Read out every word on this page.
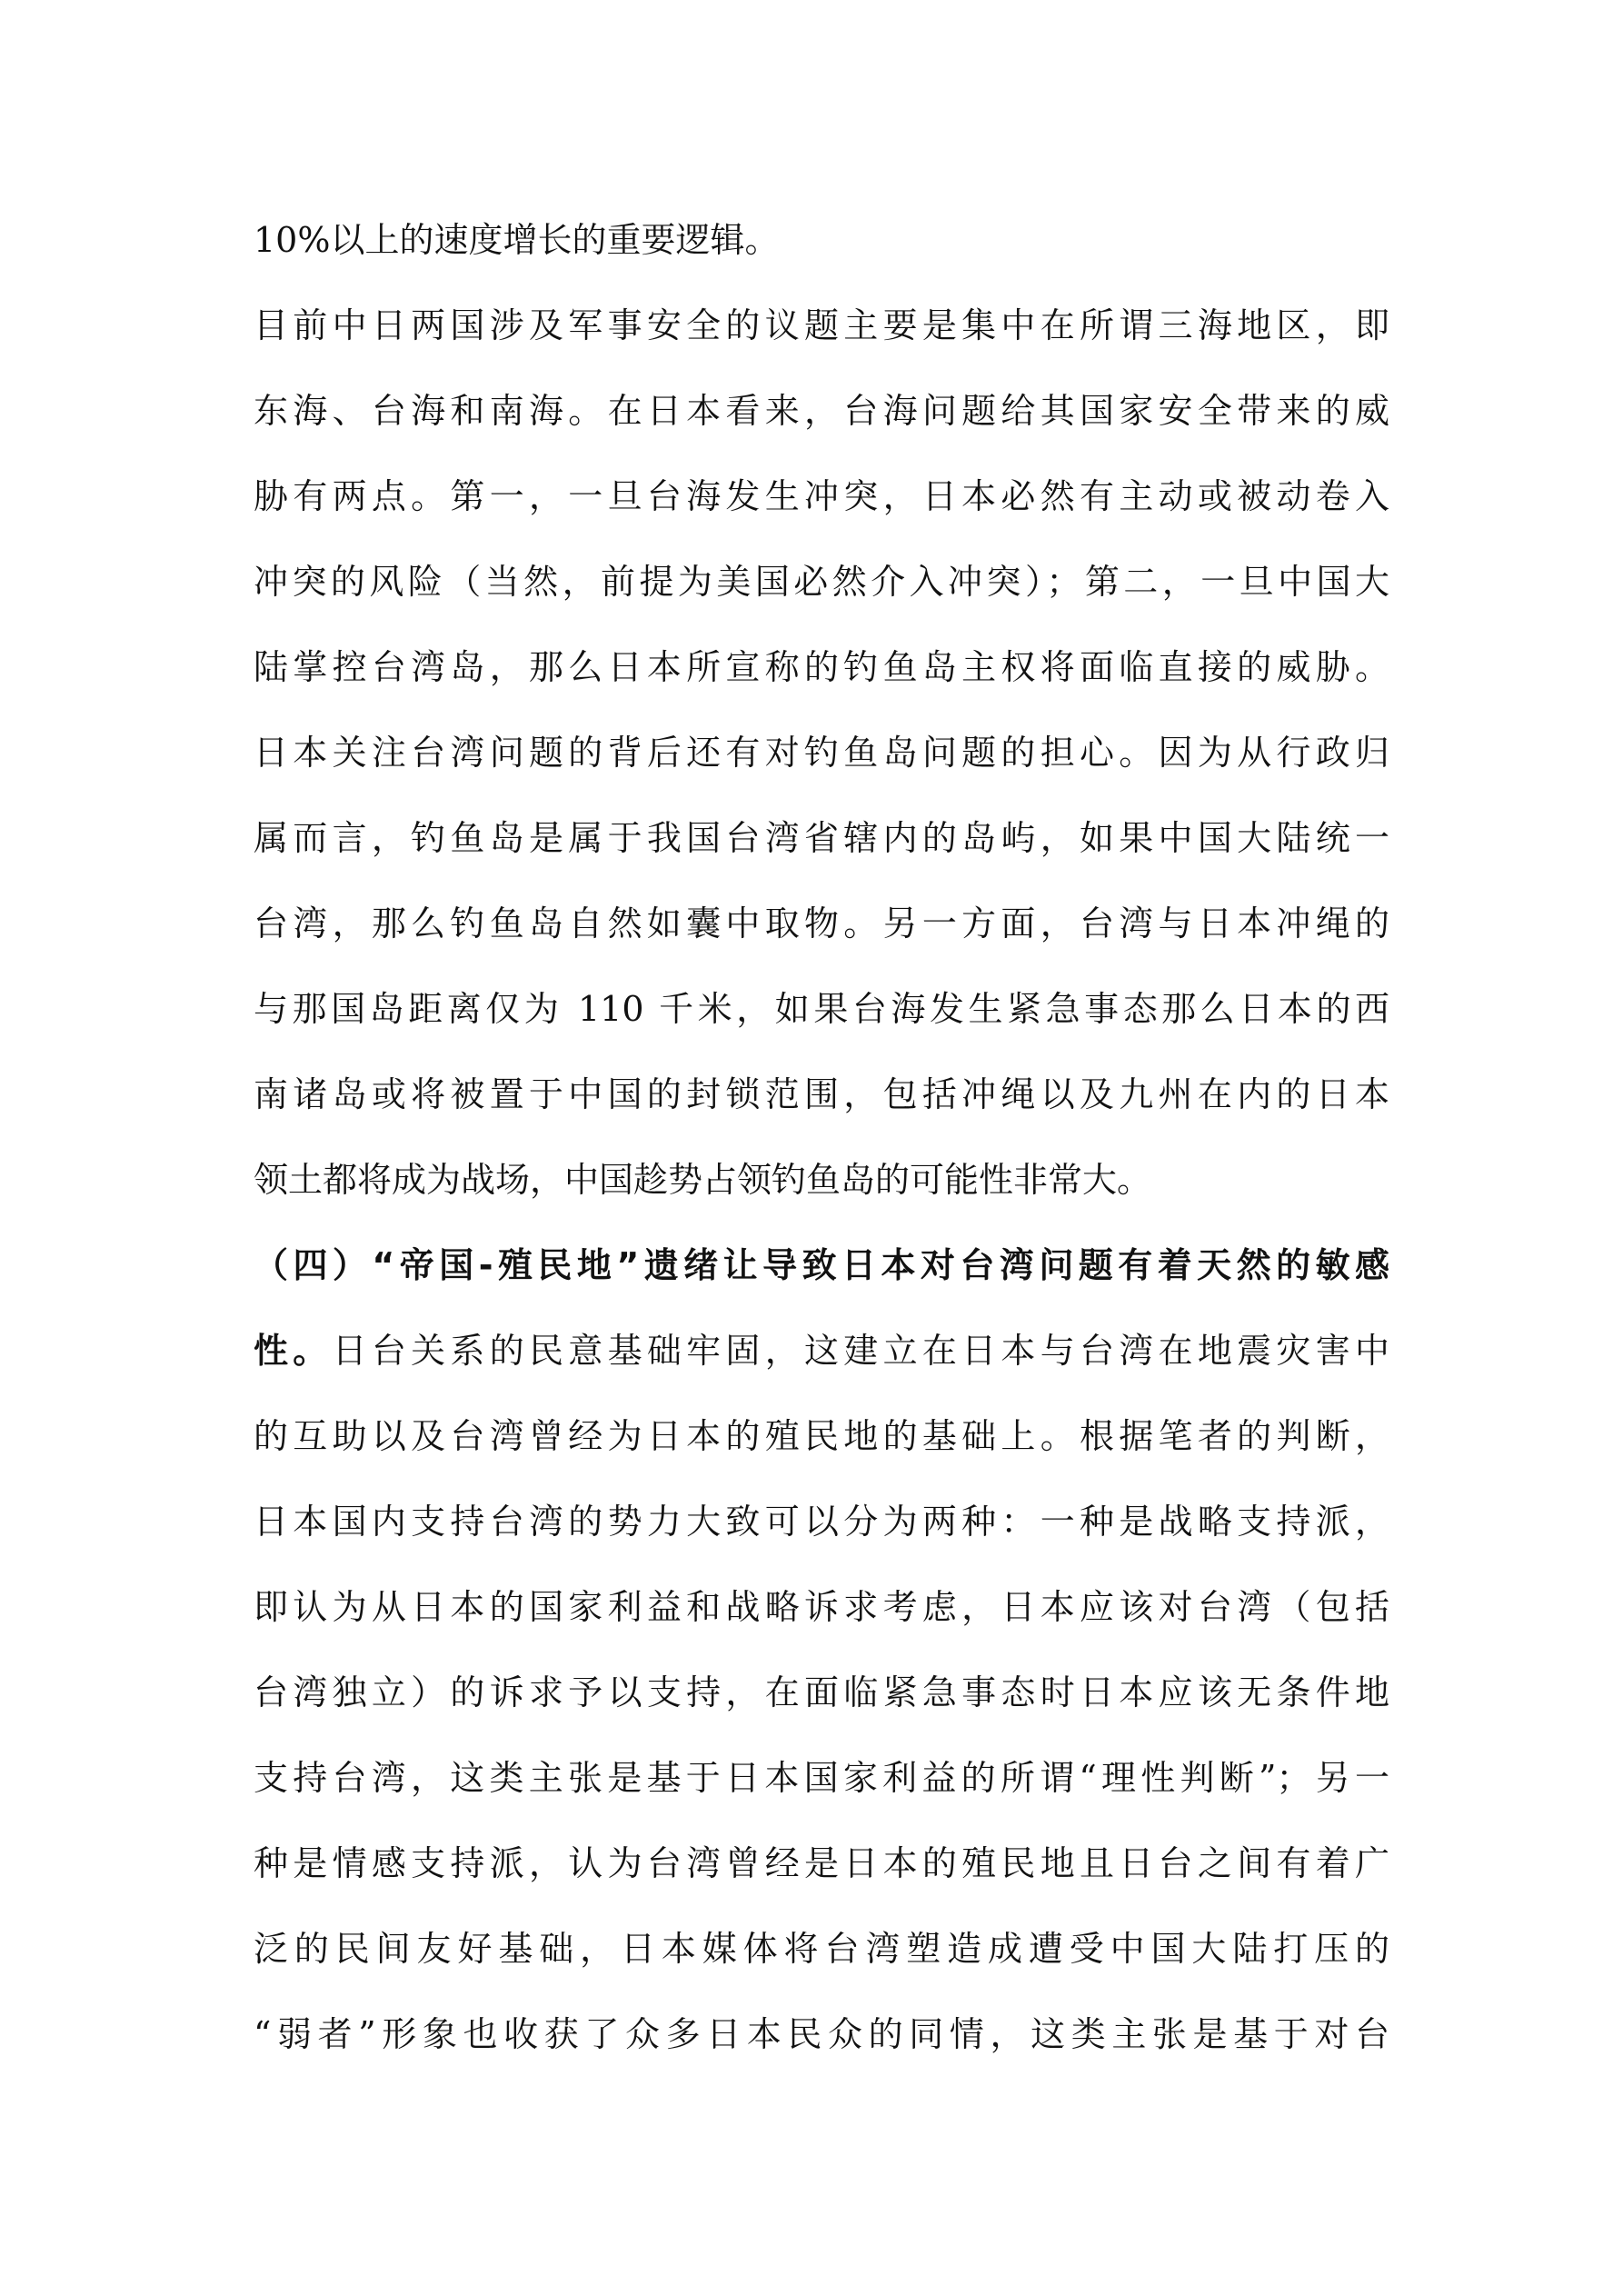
10%以上的速度增长的重要逻辑。
目前中日两国涉及军事安全的议题主要是集中在所谓三海地区，即
东海、台海和南海。在日本看来，台海问题给其国家安全带来的威
胁有两点。第一，一旦台海发生冲突，日本必然有主动或被动卷入
冲突的风险（当然，前提为美国必然介入冲突）；第二，一旦中国大
陆掌控台湾岛，那么日本所宣称的钓鱼岛主权将面临直接的威胁。
日本关注台湾问题的背后还有对钓鱼岛问题的担心。因为从行政归
属而言，钓鱼岛是属于我国台湾省辖内的岛屿，如果中国大陆统一
台湾，那么钓鱼岛自然如囊中取物。另一方面，台湾与日本冲绳的
与那国岛距离仅为 110 千米，如果台海发生紧急事态那么日本的西
南诸岛或将被置于中国的封锁范围，包括冲绳以及九州在内的日本
领土都将成为战场，中国趁势占领钓鱼岛的可能性非常大。
（四）“帝国-殖民地”遗绪让导致日本对台湾问题有着天然的敏感
性。日台关系的民意基础牢固，这建立在日本与台湾在地震灾害中
的互助以及台湾曾经为日本的殖民地的基础上。根据笔者的判断，
日本国内支持台湾的势力大致可以分为两种：一种是战略支持派，
即认为从日本的国家利益和战略诉求考虑，日本应该对台湾（包括
台湾独立）的诉求予以支持，在面临紧急事态时日本应该无条件地
支持台湾，这类主张是基于日本国家利益的所谓“理性判断”；另一
种是情感支持派，认为台湾曾经是日本的殖民地且日台之间有着广
泛的民间友好基础，日本媒体将台湾塑造成遭受中国大陆打压的
“弱者”形象也收获了众多日本民众的同情，这类主张是基于对台
